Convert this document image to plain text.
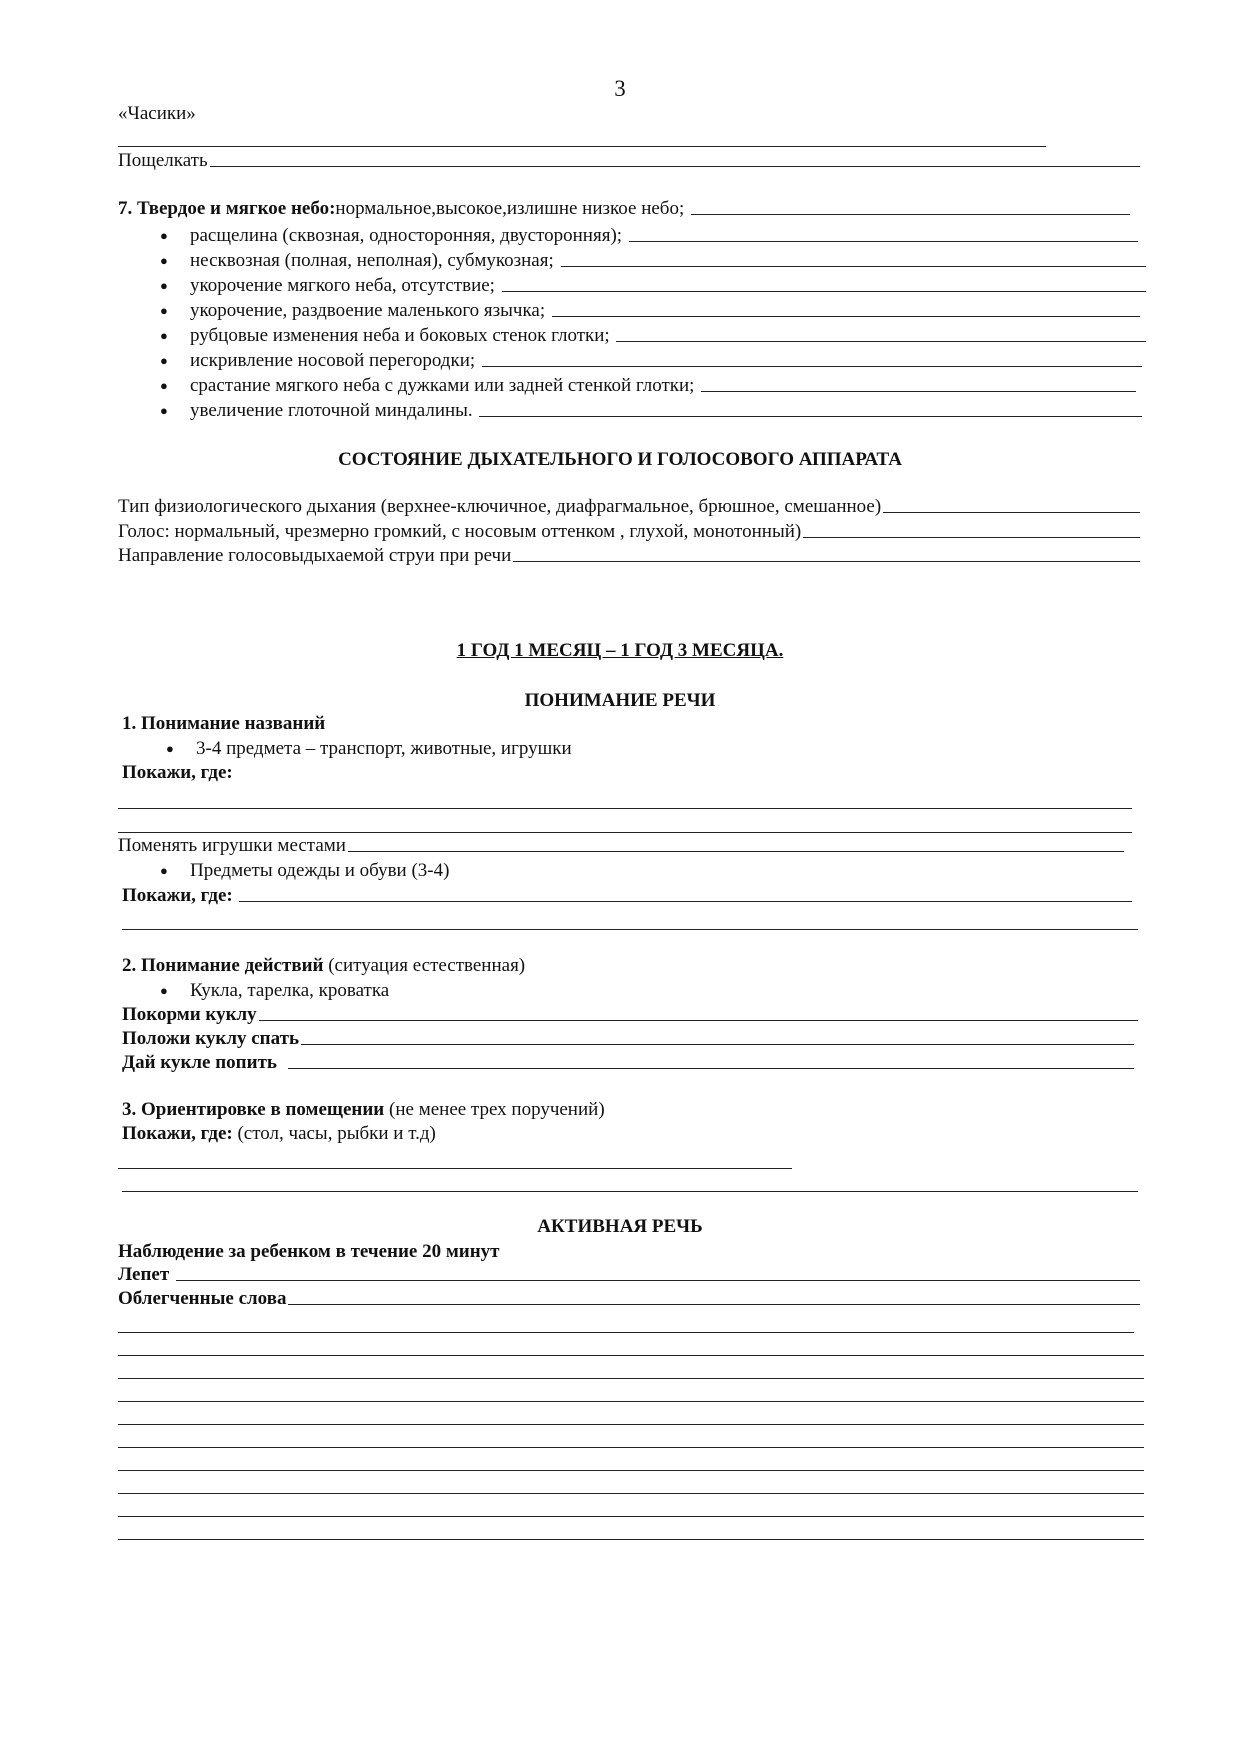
3
«Часики»
Пощелкать
7. Твердое и мягкое небо: нормальное,высокое,излишне низкое небо;
● расщелина (сквозная, односторонняя, двусторонняя);
● несквозная (полная, неполная), субмукозная;
● укорочение мягкого неба, отсутствие;
● укорочение, раздвоение маленького язычка;
● рубцовые изменения неба и боковых стенок глотки;
● искривление носовой перегородки;
● срастание мягкого неба с дужками или задней стенкой глотки;
● увеличение глоточной миндалины.
СОСТОЯНИЕ ДЫХАТЕЛЬНОГО И ГОЛОСОВОГО АППАРАТА
Тип физиологического дыхания (верхнее-ключичное, диафрагмальное, брюшное, смешанное)
Голос: нормальный, чрезмерно громкий, с носовым оттенком , глухой, монотонный)
Направление голосовыдыхаемой струи при речи
1 ГОД 1 МЕСЯЦ – 1 ГОД 3 МЕСЯЦА.
ПОНИМАНИЕ РЕЧИ
1. Понимание названий
● 3-4 предмета – транспорт, животные, игрушки
Покажи, где:
Поменять игрушки местами
● Предметы одежды и обуви (3-4)
Покажи, где:
2. Понимание действий (ситуация естественная)
● Кукла, тарелка, кроватка
Покорми куклу
Положи куклу спать
Дай кукле попить
3. Ориентировке в помещении (не менее трех поручений)
Покажи, где: (стол, часы, рыбки и т.д)
АКТИВНАЯ РЕЧЬ
Наблюдение за ребенком в течение 20 минут
Лепет
Облегченные слова
